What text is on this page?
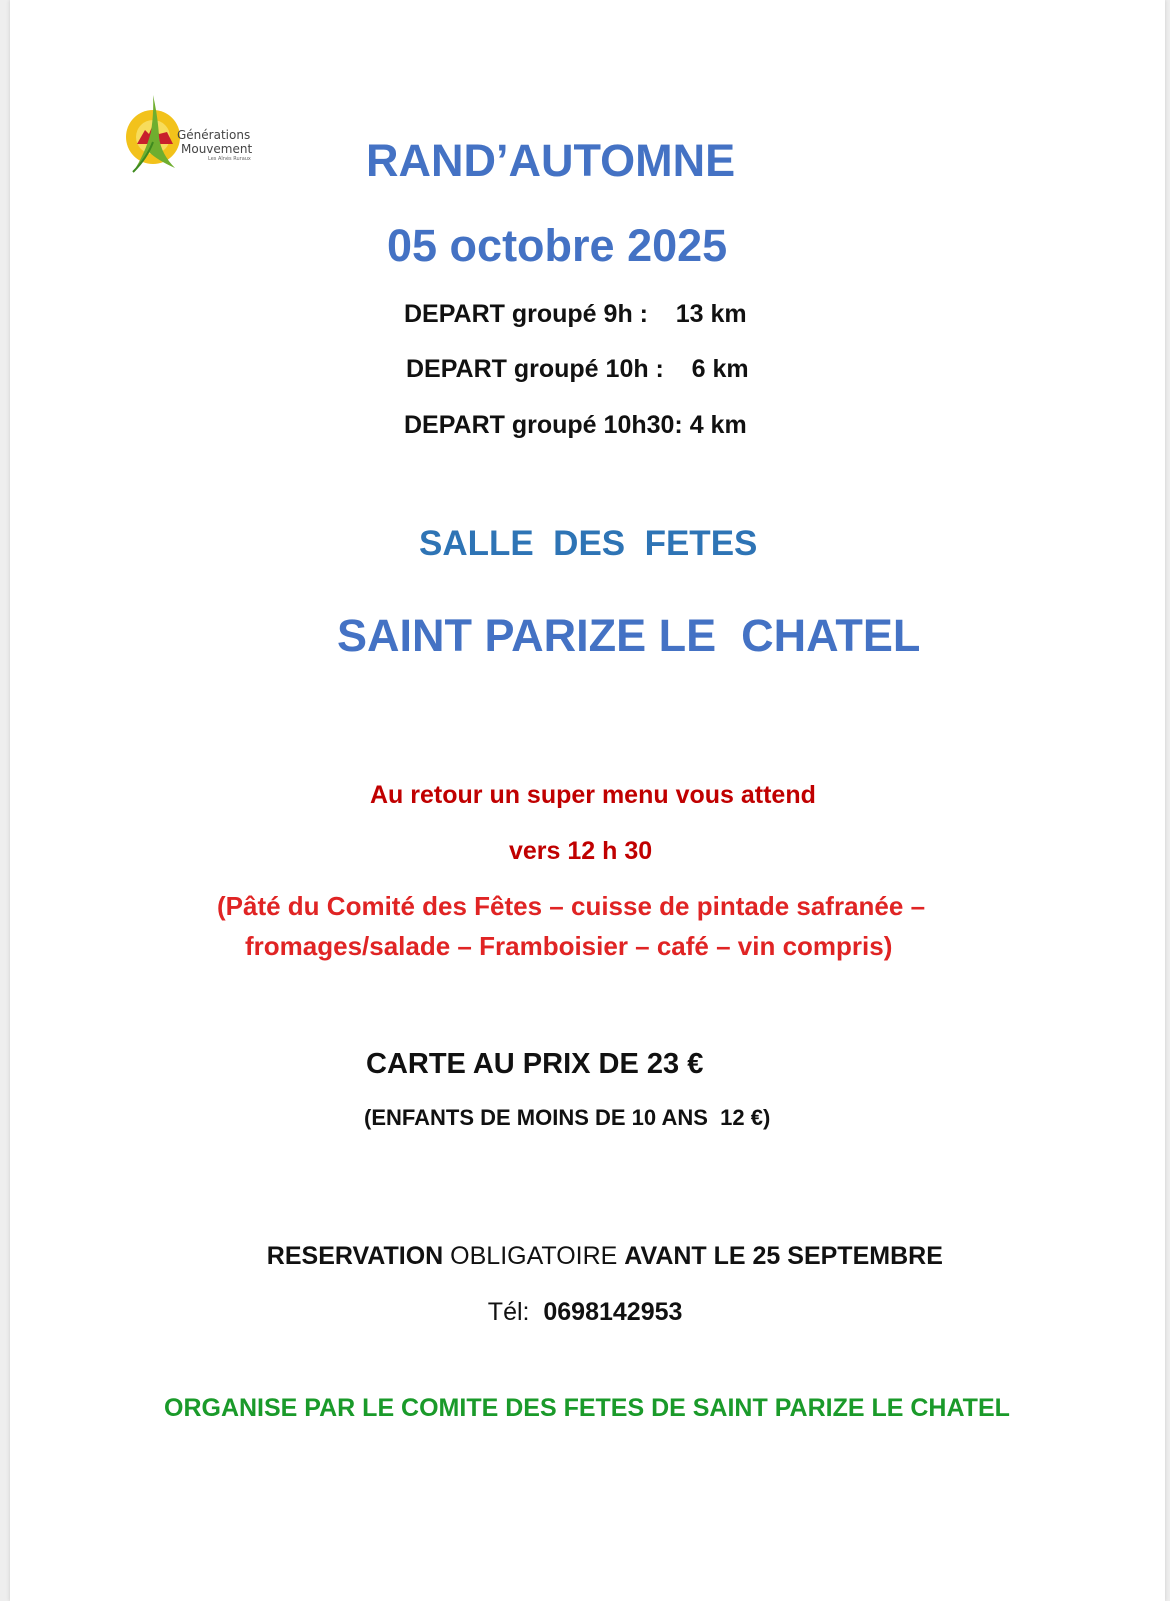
Générations
Mouvement
Les Aînés Ruraux	RAND’AUTOMNE
05 octobre 2025
DEPART groupé 9h :    13 km
DEPART groupé 10h :    6 km
DEPART groupé 10h30: 4 km
SALLE  DES  FETES
SAINT PARIZE LE  CHATEL
Au retour un super menu vous attend
vers 12 h 30
(Pâté du Comité des Fêtes – cuisse de pintade safranée –
fromages/salade – Framboisier – café – vin compris)
CARTE AU PRIX DE 23 €
(ENFANTS DE MOINS DE 10 ANS  12 €)

RESERVATION OBLIGATOIRE AVANT LE 25 SEPTEMBRE

Tél:  0698142953

ORGANISE PAR LE COMITE DES FETES DE SAINT PARIZE LE CHATEL
